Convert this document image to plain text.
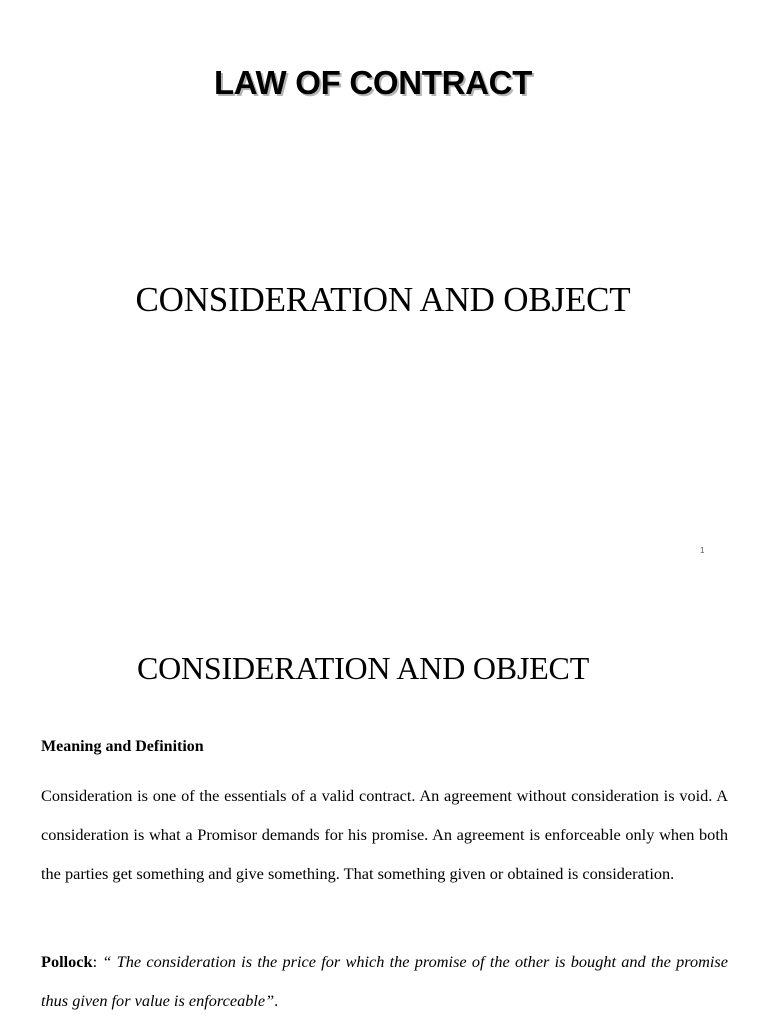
LAW OF CONTRACT
CONSIDERATION AND OBJECT
1
CONSIDERATION AND OBJECT
Meaning and Definition

Consideration is one of the essentials of a valid contract. An agreement without consideration is void. A consideration is what a Promisor demands for his promise. An agreement is enforceable only when both the parties get something and give something. That something given or obtained is consideration.

Pollock: “ The consideration is the price for which the promise of the other is bought and the promise thus given for value is enforceable”.
